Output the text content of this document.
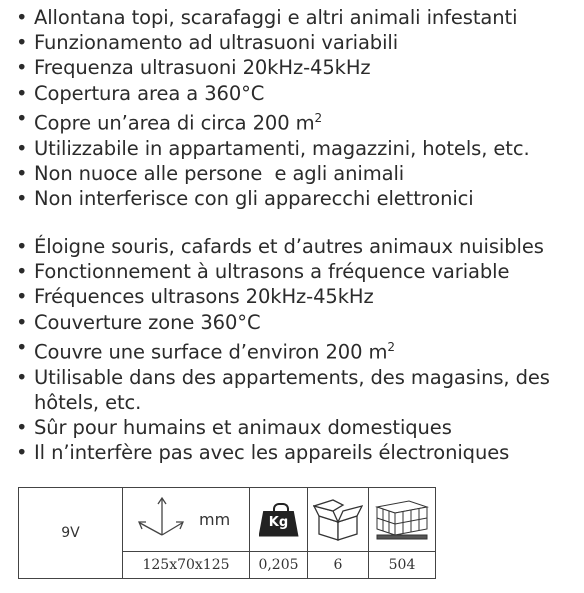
• Allontana topi, scarafaggi e altri animali infestanti
• Funzionamento ad ultrasuoni variabili
• Frequenza ultrasuoni 20kHz-45kHz
• Copertura area a 360°C
• Copre un’area di circa 200 $m^2$
• Utilizzabile in appartamenti, magazzini, hotels, etc.
• Non nuoce alle persone  e agli animali
• Non interferisce con gli apparecchi elettronici
• Éloigne souris, cafards et d’autres animaux nuisibles
• Fonctionnement à ultrasons a fréquence variable
• Fréquences ultrasons 20kHz-45kHz
• Couverture zone 360°C
• Couvre une surface d’environ 200 $m^2$
• Utilisable dans des appartements, des magasins, des hôtels, etc.
• Sûr pour humains et animaux domestiques
• Il n’interfère pas avec les appareils électroniques
9V	mm	Kg

	125x70x125	0,205	6	504
